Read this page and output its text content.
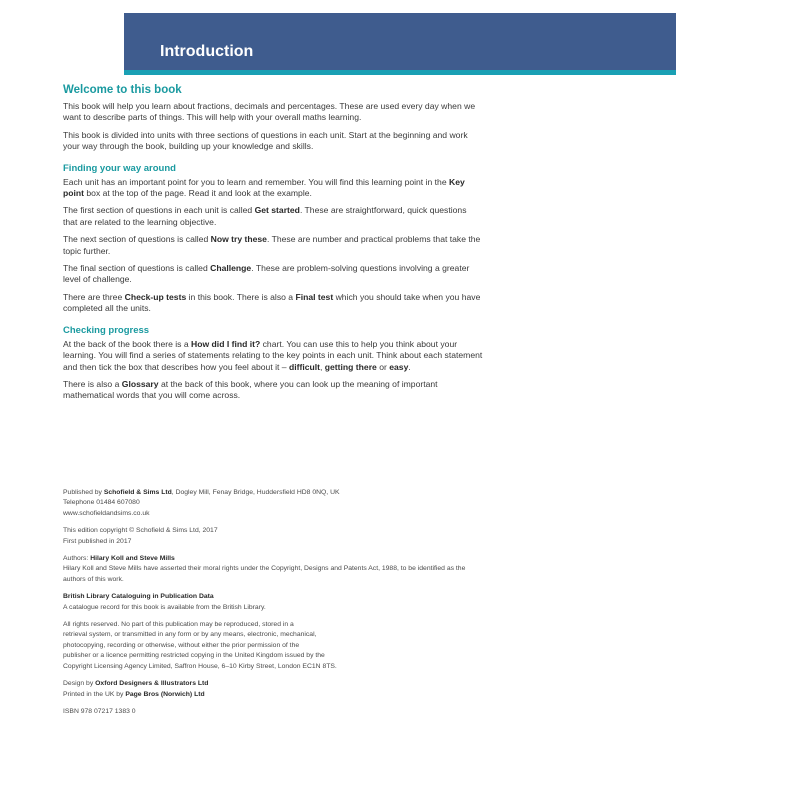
Introduction
Welcome to this book

This book will help you learn about fractions, decimals and percentages. These are used every day when we want to describe parts of things. This will help with your overall maths learning.

This book is divided into units with three sections of questions in each unit. Start at the beginning and work your way through the book, building up your knowledge and skills.

Finding your way around

Each unit has an important point for you to learn and remember. You will find this learning point in the Key point box at the top of the page. Read it and look at the example.

The first section of questions in each unit is called Get started. These are straightforward, quick questions that are related to the learning objective.

The next section of questions is called Now try these. These are number and practical problems that take the topic further.

The final section of questions is called Challenge. These are problem-solving questions involving a greater level of challenge.

There are three Check-up tests in this book. There is also a Final test which you should take when you have completed all the units.

Checking progress

At the back of the book there is a How did I find it? chart. You can use this to help you think about your learning. You will find a series of statements relating to the key points in each unit. Think about each statement and then tick the box that describes how you feel about it – difficult, getting there or easy.

There is also a Glossary at the back of this book, where you can look up the meaning of important mathematical words that you will come across.

Published by Schofield & Sims Ltd, Dogley Mill, Fenay Bridge, Huddersfield HD8 0NQ, UK
Telephone 01484 607080
www.schofieldandsims.co.uk

This edition copyright © Schofield & Sims Ltd, 2017
First published in 2017

Authors: Hilary Koll and Steve Mills
Hilary Koll and Steve Mills have asserted their moral rights under the Copyright, Designs and Patents Act, 1988, to be identified as the authors of this work.

British Library Cataloguing in Publication Data
A catalogue record for this book is available from the British Library.

All rights reserved. No part of this publication may be reproduced, stored in a
retrieval system, or transmitted in any form or by any means, electronic, mechanical,
photocopying, recording or otherwise, without either the prior permission of the
publisher or a licence permitting restricted copying in the United Kingdom issued by the
Copyright Licensing Agency Limited, Saffron House, 6–10 Kirby Street, London EC1N 8TS.

Design by Oxford Designers & Illustrators Ltd
Printed in the UK by Page Bros (Norwich) Ltd

ISBN 978 07217 1383 0
